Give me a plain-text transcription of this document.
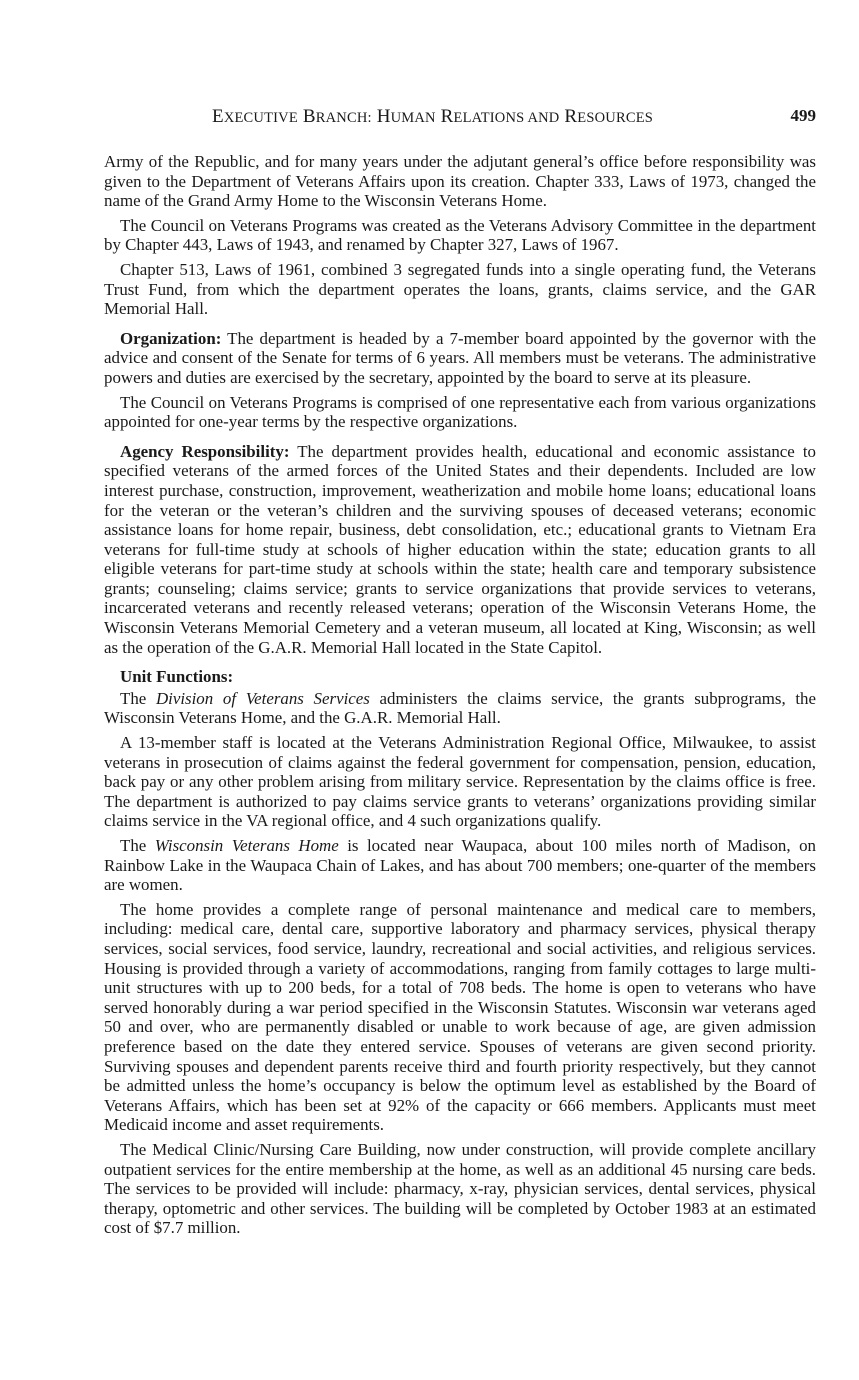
EXECUTIVE BRANCH: HUMAN RELATIONS AND RESOURCES	499

Army of the Republic, and for many years under the adjutant general’s office before responsibility was given to the Department of Veterans Affairs upon its creation. Chapter 333, Laws of 1973, changed the name of the Grand Army Home to the Wisconsin Veterans Home.

The Council on Veterans Programs was created as the Veterans Advisory Committee in the department by Chapter 443, Laws of 1943, and renamed by Chapter 327, Laws of 1967.

Chapter 513, Laws of 1961, combined 3 segregated funds into a single operating fund, the Veterans Trust Fund, from which the department operates the loans, grants, claims service, and the GAR Memorial Hall.

Organization: The department is headed by a 7-member board appointed by the governor with the advice and consent of the Senate for terms of 6 years. All members must be veterans. The administrative powers and duties are exercised by the secretary, appointed by the board to serve at its pleasure.

The Council on Veterans Programs is comprised of one representative each from various organizations appointed for one-year terms by the respective organizations.

Agency Responsibility: The department provides health, educational and economic assistance to specified veterans of the armed forces of the United States and their dependents. Included are low interest purchase, construction, improvement, weatherization and mobile home loans; educational loans for the veteran or the veteran’s children and the surviving spouses of deceased veterans; economic assistance loans for home repair, business, debt consolidation, etc.; educational grants to Vietnam Era veterans for full-time study at schools of higher education within the state; education grants to all eligible veterans for part-time study at schools within the state; health care and temporary subsistence grants; counseling; claims service; grants to service organizations that provide services to veterans, incarcerated veterans and recently released veterans; operation of the Wisconsin Veterans Home, the Wisconsin Veterans Memorial Cemetery and a veteran museum, all located at King, Wisconsin; as well as the operation of the G.A.R. Memorial Hall located in the State Capitol.

Unit Functions:

The Division of Veterans Services administers the claims service, the grants subprograms, the Wisconsin Veterans Home, and the G.A.R. Memorial Hall.

A 13-member staff is located at the Veterans Administration Regional Office, Milwaukee, to assist veterans in prosecution of claims against the federal government for compensation, pension, education, back pay or any other problem arising from military service. Representation by the claims office is free. The department is authorized to pay claims service grants to veterans’ organizations providing similar claims service in the VA regional office, and 4 such organizations qualify.

The Wisconsin Veterans Home is located near Waupaca, about 100 miles north of Madison, on Rainbow Lake in the Waupaca Chain of Lakes, and has about 700 members; one-quarter of the members are women.

The home provides a complete range of personal maintenance and medical care to members, including: medical care, dental care, supportive laboratory and pharmacy services, physical therapy services, social services, food service, laundry, recreational and social activities, and religious services. Housing is provided through a variety of accommodations, ranging from family cottages to large multi-unit structures with up to 200 beds, for a total of 708 beds. The home is open to veterans who have served honorably during a war period specified in the Wisconsin Statutes. Wisconsin war veterans aged 50 and over, who are permanently disabled or unable to work because of age, are given admission preference based on the date they entered service. Spouses of veterans are given second priority. Surviving spouses and dependent parents receive third and fourth priority respectively, but they cannot be admitted unless the home’s occupancy is below the optimum level as established by the Board of Veterans Affairs, which has been set at 92% of the capacity or 666 members. Applicants must meet Medicaid income and asset requirements.

The Medical Clinic/Nursing Care Building, now under construction, will provide complete ancillary outpatient services for the entire membership at the home, as well as an additional 45 nursing care beds. The services to be provided will include: pharmacy, x-ray, physician services, dental services, physical therapy, optometric and other services. The building will be completed by October 1983 at an estimated cost of $7.7 million.
